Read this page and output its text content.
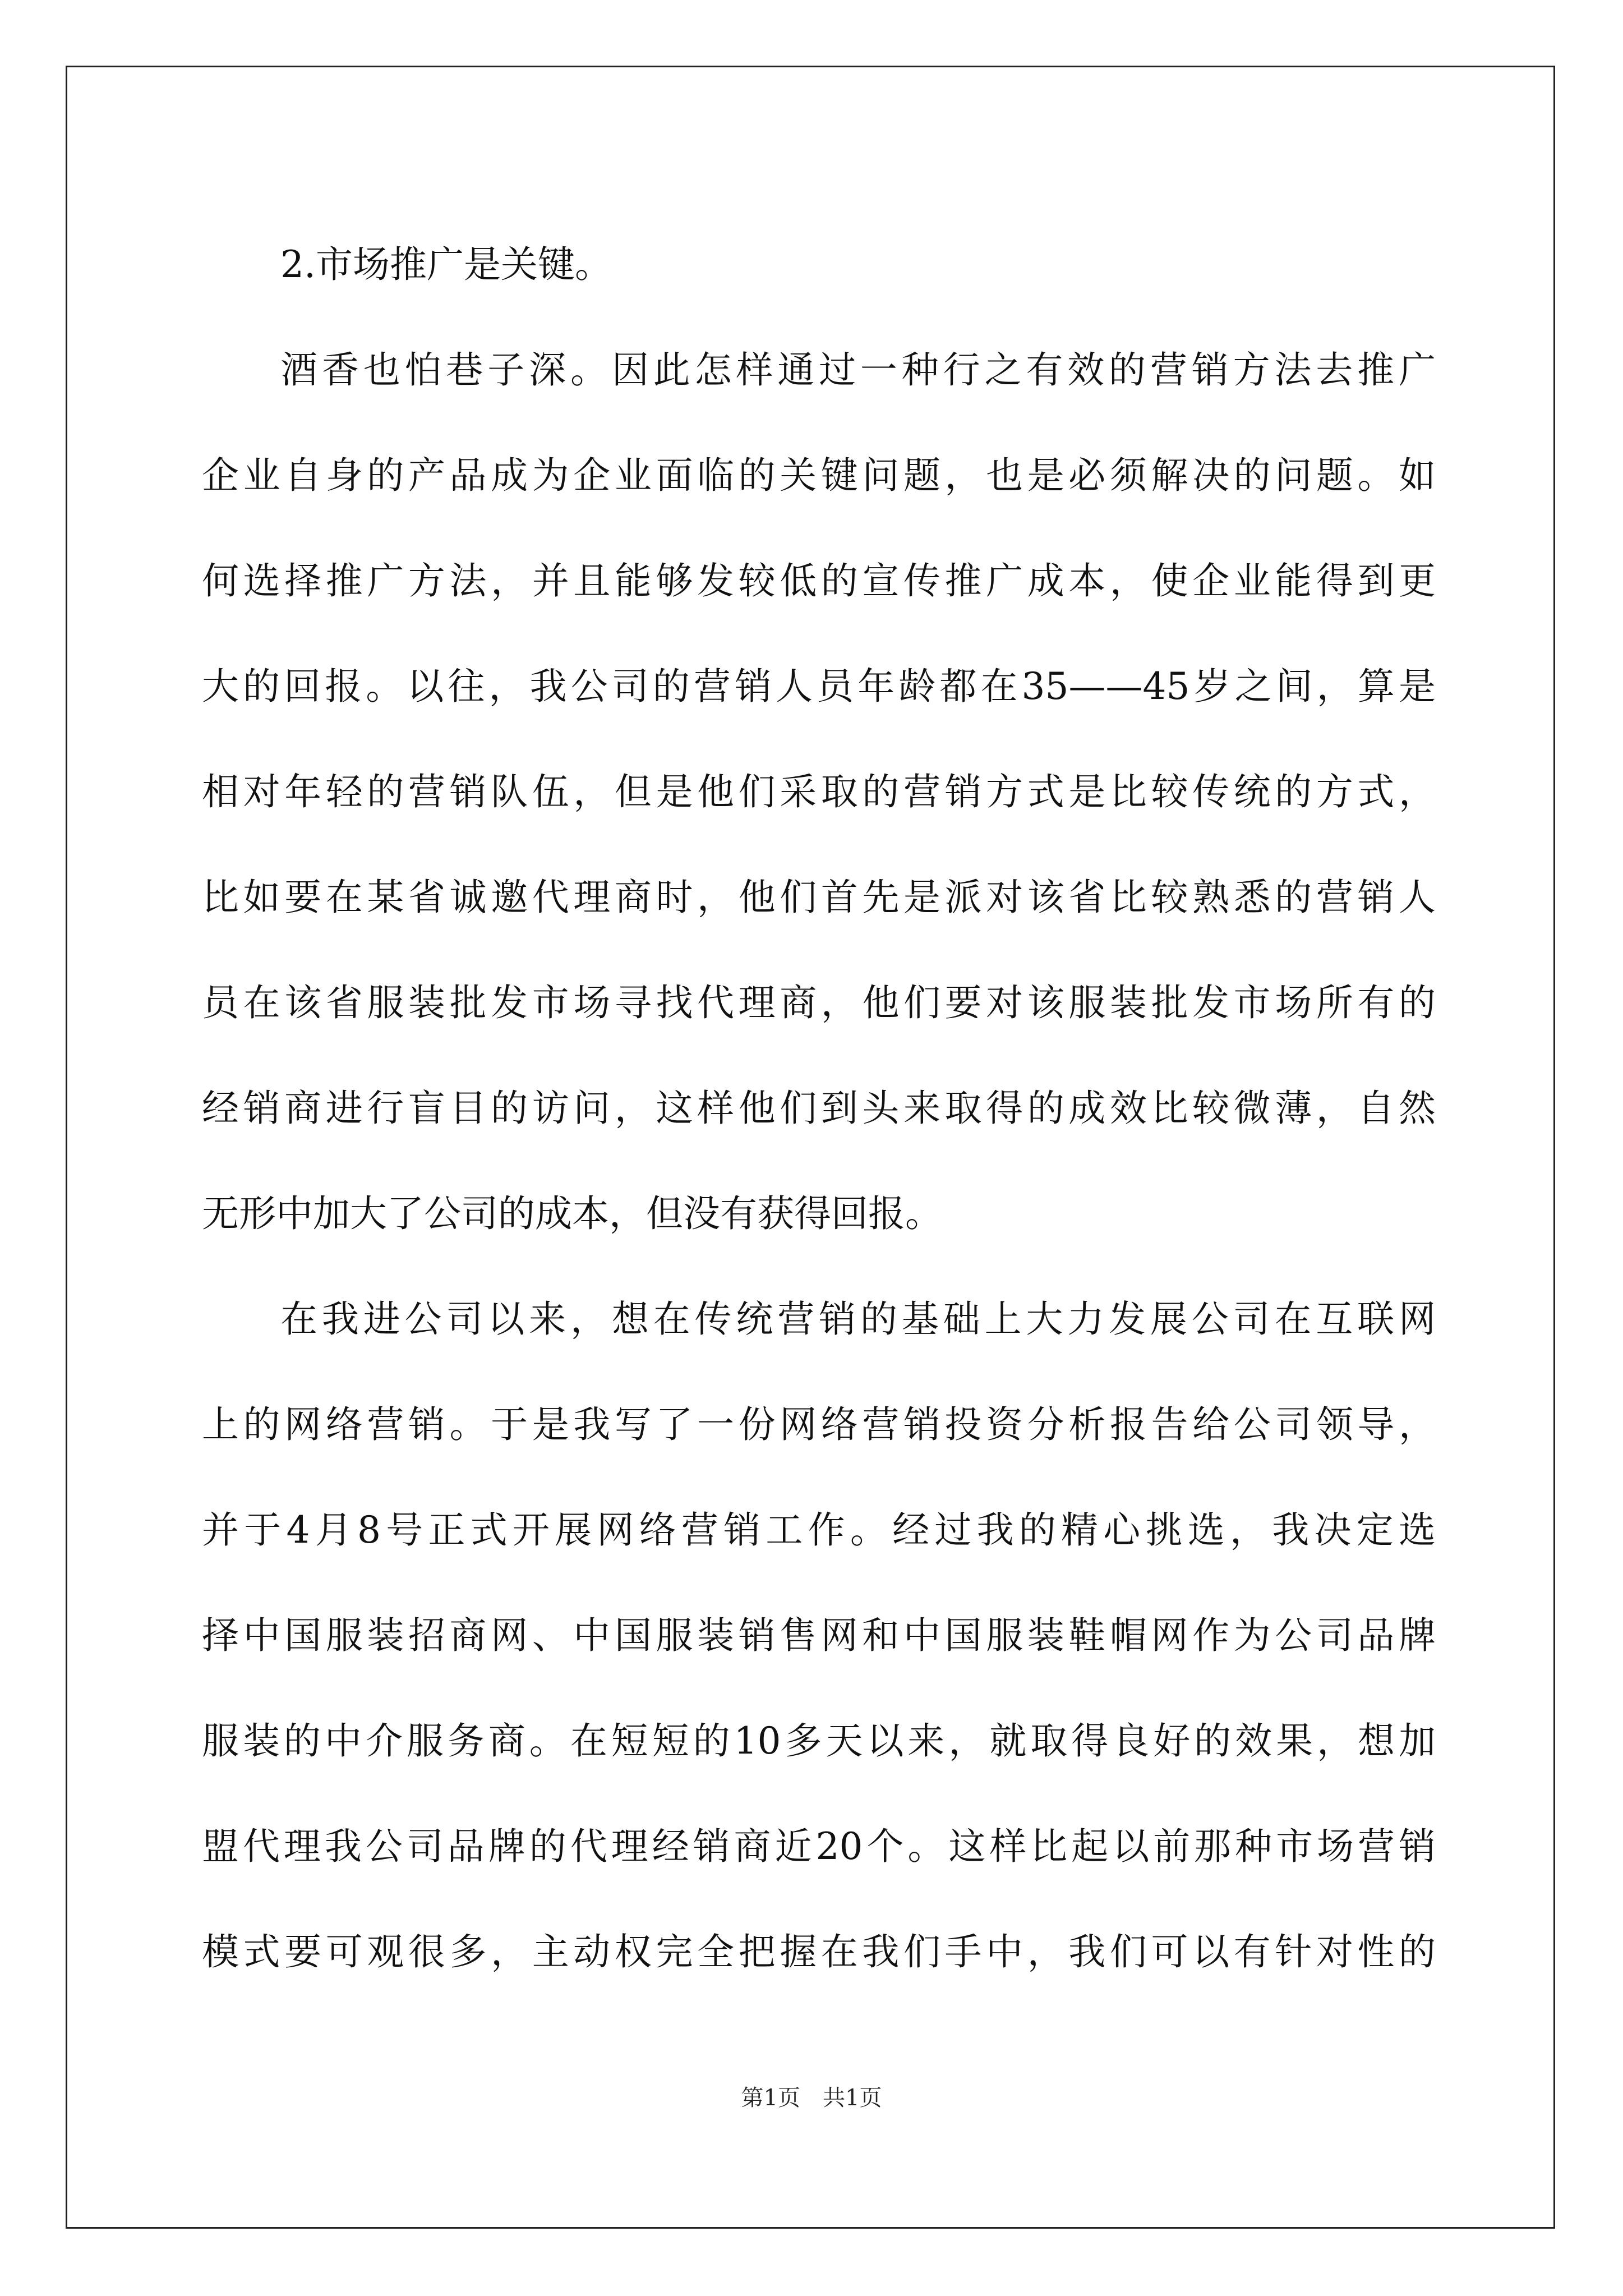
2.市场推广是关键。
酒香也怕巷子深。因此怎样通过一种行之有效的营销方法去推广
企业自身的产品成为企业面临的关键问题，也是必须解决的问题。如
何选择推广方法，并且能够发较低的宣传推广成本，使企业能得到更
大的回报。以往，我公司的营销人员年龄都在35——45岁之间，算是
相对年轻的营销队伍，但是他们采取的营销方式是比较传统的方式，
比如要在某省诚邀代理商时，他们首先是派对该省比较熟悉的营销人
员在该省服装批发市场寻找代理商，他们要对该服装批发市场所有的
经销商进行盲目的访问，这样他们到头来取得的成效比较微薄，自然
无形中加大了公司的成本，但没有获得回报。
在我进公司以来，想在传统营销的基础上大力发展公司在互联网
上的网络营销。于是我写了一份网络营销投资分析报告给公司领导，
并于4月8号正式开展网络营销工作。经过我的精心挑选，我决定选
择中国服装招商网、中国服装销售网和中国服装鞋帽网作为公司品牌
服装的中介服务商。在短短的10多天以来，就取得良好的效果，想加
盟代理我公司品牌的代理经销商近20个。这样比起以前那种市场营销
模式要可观很多，主动权完全把握在我们手中，我们可以有针对性的
第1页 共1页
